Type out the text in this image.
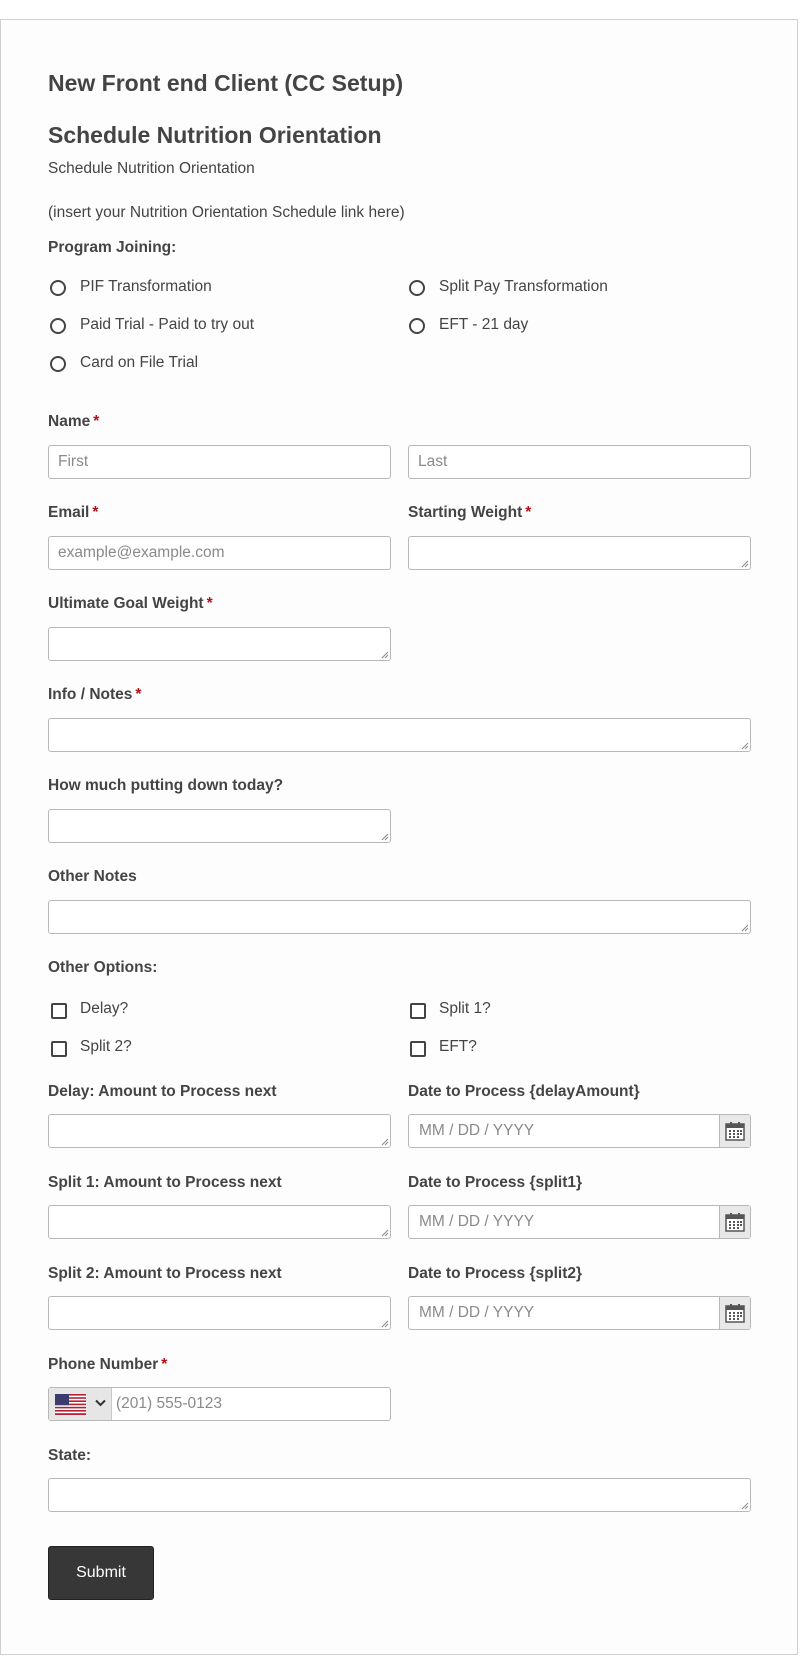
New Front end Client (CC Setup)
Schedule Nutrition Orientation
Schedule Nutrition Orientation
(insert your Nutrition Orientation Schedule link here)
Program Joining:
PIF Transformation	Split Pay Transformation
Paid Trial - Paid to try out	EFT - 21 day
Card on File Trial
Name *
First	Last
Email *
example@example.com
Starting Weight *
Ultimate Goal Weight *
Info / Notes *
How much putting down today?
Other Notes
Other Options:
Delay?	Split 1?
Split 2?	EFT?
Delay: Amount to Process next	Date to Process {delayAmount}
MM / DD / YYYY
Split 1: Amount to Process next	Date to Process {split1}
MM / DD / YYYY
Split 2: Amount to Process next	Date to Process {split2}
MM / DD / YYYY
Phone Number *
(201) 555-0123
State:
Submit
